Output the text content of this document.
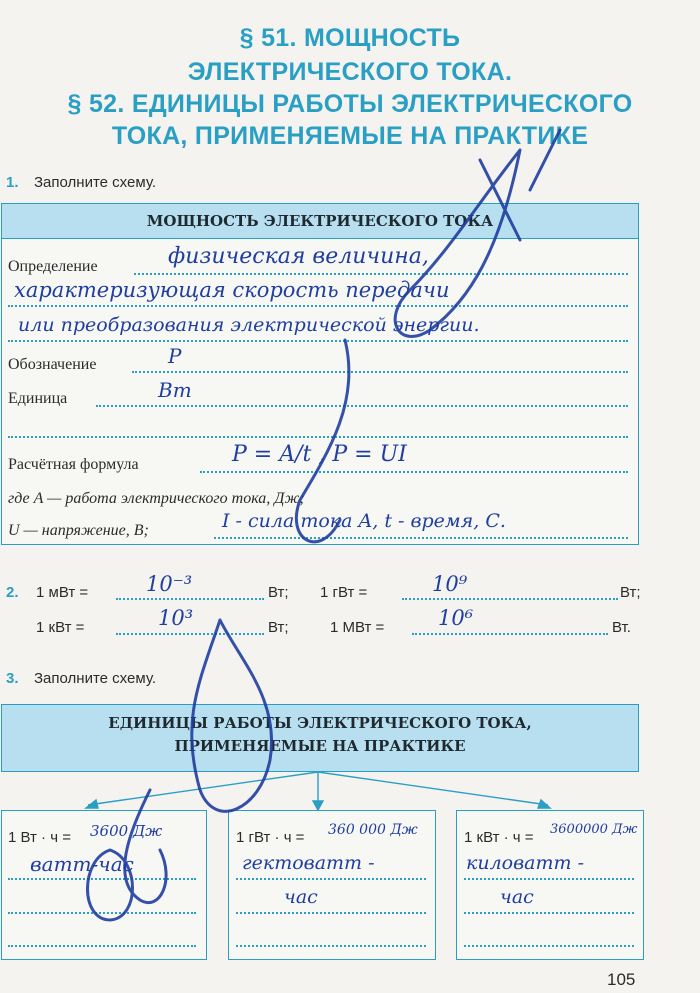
§ 51. МОЩНОСТЬ
ЭЛЕКТРИЧЕСКОГО ТОКА.
§ 52. ЕДИНИЦЫ РАБОТЫ ЭЛЕКТРИЧЕСКОГО
ТОКА, ПРИМЕНЯЕМЫЕ НА ПРАКТИКЕ
1. Заполните схему.
МОЩНОСТЬ ЭЛЕКТРИЧЕСКОГО ТОКА
Определение	физическая величина,
характеризующая скорость передачи
или преобразования электрической энергии.
Обозначение	P
Единица	Вт
Расчётная формула	P = A/t , P = UI
где A — работа электрического тока, Дж;
U — напряжение, В;	I - сила тока A, t - время, С.
2. 1 мВт =	10⁻³	Вт; 1 гВт =	10⁹	Вт;
1 кВт =	10³	Вт;	1 МВт =	10⁶	Вт.
3. Заполните схему.
ЕДИНИЦЫ РАБОТЫ ЭЛЕКТРИЧЕСКОГО ТОКА,
ПРИМЕНЯЕМЫЕ НА ПРАКТИКЕ
1 Вт · ч = 3600 Дж
ватт-час
1 гВт · ч = 360 000 Дж
гектоватт -
час
1 кВт · ч = 3600000 Дж
киловатт -
час
105
